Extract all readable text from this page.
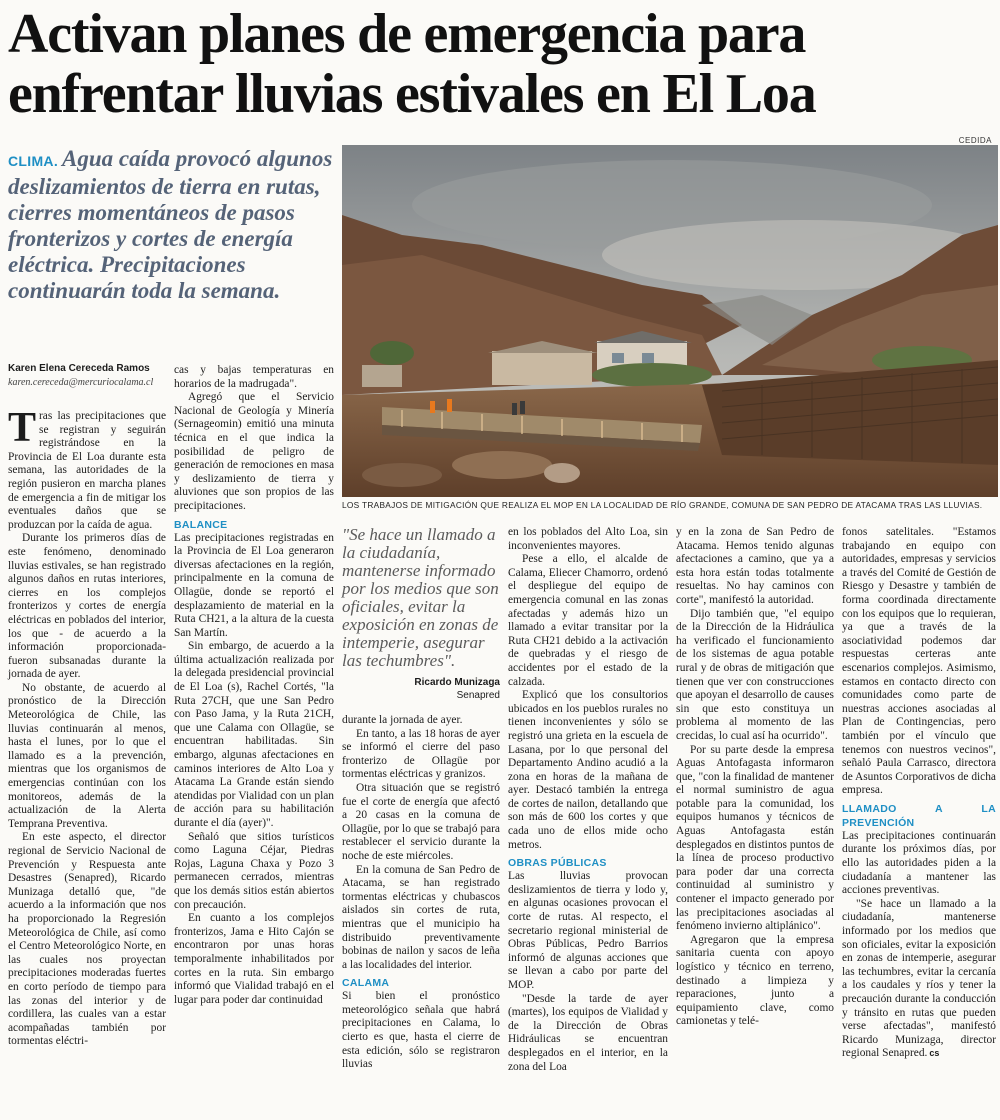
Activan planes de emergencia para
enfrentar lluvias estivales en El Loa
CEDIDA
CLIMA. Agua caída provocó algunos deslizamientos de tierra en rutas, cierres momentáneos de pasos fronterizos y cortes de energía eléctrica. Precipitaciones continuarán toda la semana.
LOS TRABAJOS DE MITIGACIÓN QUE REALIZA EL MOP EN LA LOCALIDAD DE RÍO GRANDE, COMUNA DE SAN PEDRO DE ATACAMA TRAS LAS LLUVIAS.
Karen Elena Cereceda Ramos
karen.cereceda@mercuriocalama.cl

Tras las precipitaciones que se registran y seguirán registrándose en la Provincia de El Loa durante esta semana, las autoridades de la región pusieron en marcha planes de emergencia a fin de mitigar los eventuales daños que se produzcan por la caída de agua.

Durante los primeros días de este fenómeno, denominado lluvias estivales, se han registrado algunos daños en rutas interiores, cierres en los complejos fronterizos y cortes de energía eléctricas en poblados del interior, los que - de acuerdo a la información proporcionada- fueron subsanadas durante la jornada de ayer.

No obstante, de acuerdo al pronóstico de la Dirección Meteorológica de Chile, las lluvias continuarán al menos, hasta el lunes, por lo que el llamado es a la prevención, mientras que los organismos de emergencias continúan con los monitoreos, además de la actualización de la Alerta Temprana Preventiva.

En este aspecto, el director regional de Servicio Nacional de Prevención y Respuesta ante Desastres (Senapred), Ricardo Munizaga detalló que, "de acuerdo a la información que nos ha proporcionado la Regresión Meteorológica de Chile, así como el Centro Meteorológico Norte, en las cuales nos proyectan precipitaciones moderadas fuertes en corto período de tiempo para las zonas del interior y de cordillera, las cuales van a estar acompañadas también por tormentas eléctri-

cas y bajas temperaturas en horarios de la madrugada".

Agregó que el Servicio Nacional de Geología y Minería (Sernageomin) emitió una minuta técnica en el que indica la posibilidad de peligro de generación de remociones en masa y deslizamiento de tierra y aluviones que son propios de las precipitaciones.

BALANCE

Las precipitaciones registradas en la Provincia de El Loa generaron diversas afectaciones en la región, principalmente en la comuna de Ollagüe, donde se reportó el desplazamiento de material en la Ruta CH21, a la altura de la cuesta San Martín.

Sin embargo, de acuerdo a la última actualización realizada por la delegada presidencial provincial de El Loa (s), Rachel Cortés, "la Ruta 27CH, que une San Pedro con Paso Jama, y la Ruta 21CH, que une Calama con Ollagüe, se encuentran habilitadas. Sin embargo, algunas afectaciones en caminos interiores de Alto Loa y Atacama La Grande están siendo atendidas por Vialidad con un plan de acción para su habilitación durante el día (ayer)".

Señaló que sitios turísticos como Laguna Céjar, Piedras Rojas, Laguna Chaxa y Pozo 3 permanecen cerrados, mientras que los demás sitios están abiertos con precaución.

En cuanto a los complejos fronterizos, Jama e Hito Cajón se encontraron por unas horas temporalmente inhabilitados por cortes en la ruta. Sin embargo informó que Vialidad trabajó en el lugar para poder dar continuidad

"Se hace un llamado a la ciudadanía, mantenerse informado por los medios que son oficiales, evitar la exposición en zonas de intemperie, asegurar las techumbres".
Ricardo Munizaga
Senapred

durante la jornada de ayer.

En tanto, a las 18 horas de ayer se informó el cierre del paso fronterizo de Ollagüe por tormentas eléctricas y granizos.

Otra situación que se registró fue el corte de energía que afectó a 20 casas en la comuna de Ollagüe, por lo que se trabajó para restablecer el servicio durante la noche de este miércoles.

En la comuna de San Pedro de Atacama, se han registrado tormentas eléctricas y chubascos aislados sin cortes de ruta, mientras que el municipio ha distribuido preventivamente bobinas de nailon y sacos de leña a las localidades del interior.

CALAMA

Si bien el pronóstico meteorológico señala que habrá precipitaciones en Calama, lo cierto es que, hasta el cierre de esta edición, sólo se registraron lluvias

en los poblados del Alto Loa, sin inconvenientes mayores.

Pese a ello, el alcalde de Calama, Eliecer Chamorro, ordenó el despliegue del equipo de emergencia comunal en las zonas afectadas y además hizo un llamado a evitar transitar por la Ruta CH21 debido a la activación de quebradas y el riesgo de accidentes por el estado de la calzada.

Explicó que los consultorios ubicados en los pueblos rurales no tienen inconvenientes y sólo se registró una grieta en la escuela de Lasana, por lo que personal del Departamento Andino acudió a la zona en horas de la mañana de ayer. Destacó también la entrega de cortes de nailon, detallando que son más de 600 los cortes y que cada uno de ellos mide ocho metros.

OBRAS PÚBLICAS

Las lluvias provocan deslizamientos de tierra y lodo y, en algunas ocasiones provocan el corte de rutas. Al respecto, el secretario regional ministerial de Obras Públicas, Pedro Barrios informó de algunas acciones que se llevan a cabo por parte del MOP.

"Desde la tarde de ayer (martes), los equipos de Vialidad y de la Dirección de Obras Hidráulicas se encuentran desplegados en el interior, en la zona del Loa

y en la zona de San Pedro de Atacama. Hemos tenido algunas afectaciones a camino, que ya a esta hora están todas totalmente resueltas. No hay caminos con corte", manifestó la autoridad.

Dijo también que, "el equipo de la Dirección de la Hidráulica ha verificado el funcionamiento de los sistemas de agua potable rural y de obras de mitigación que tienen que ver con construcciones que apoyan el desarrollo de causes sin que esto constituya un problema al momento de las crecidas, lo cual así ha ocurrido".

Por su parte desde la empresa Aguas Antofagasta informaron que, "con la finalidad de mantener el normal suministro de agua potable para la comunidad, los equipos humanos y técnicos de Aguas Antofagasta están desplegados en distintos puntos de la línea de proceso productivo para poder dar una correcta continuidad al suministro y contener el impacto generado por las precipitaciones asociadas al fenómeno invierno altiplánico".

Agregaron que la empresa sanitaria cuenta con apoyo logístico y técnico en terreno, destinado a limpieza y reparaciones, junto a equipamiento clave, como camionetas y telé-

fonos satelitales. "Estamos trabajando en equipo con autoridades, empresas y servicios a través del Comité de Gestión de Riesgo y Desastre y también de forma coordinada directamente con los equipos que lo requieran, ya que a través de la asociatividad podemos dar respuestas certeras ante escenarios complejos. Asimismo, estamos en contacto directo con comunidades como parte de nuestras acciones asociadas al Plan de Contingencias, pero también por el vínculo que tenemos con nuestros vecinos", señaló Paula Carrasco, directora de Asuntos Corporativos de dicha empresa.

LLAMADO A LA PREVENCIÓN

Las precipitaciones continuarán durante los próximos días, por ello las autoridades piden a la ciudadanía a mantener las acciones preventivas.

"Se hace un llamado a la ciudadanía, mantenerse informado por los medios que son oficiales, evitar la exposición en zonas de intemperie, asegurar las techumbres, evitar la cercanía a los caudales y ríos y tener la precaución durante la conducción y tránsito en rutas que pueden verse afectadas", manifestó Ricardo Munizaga, director regional Senapred. cs
